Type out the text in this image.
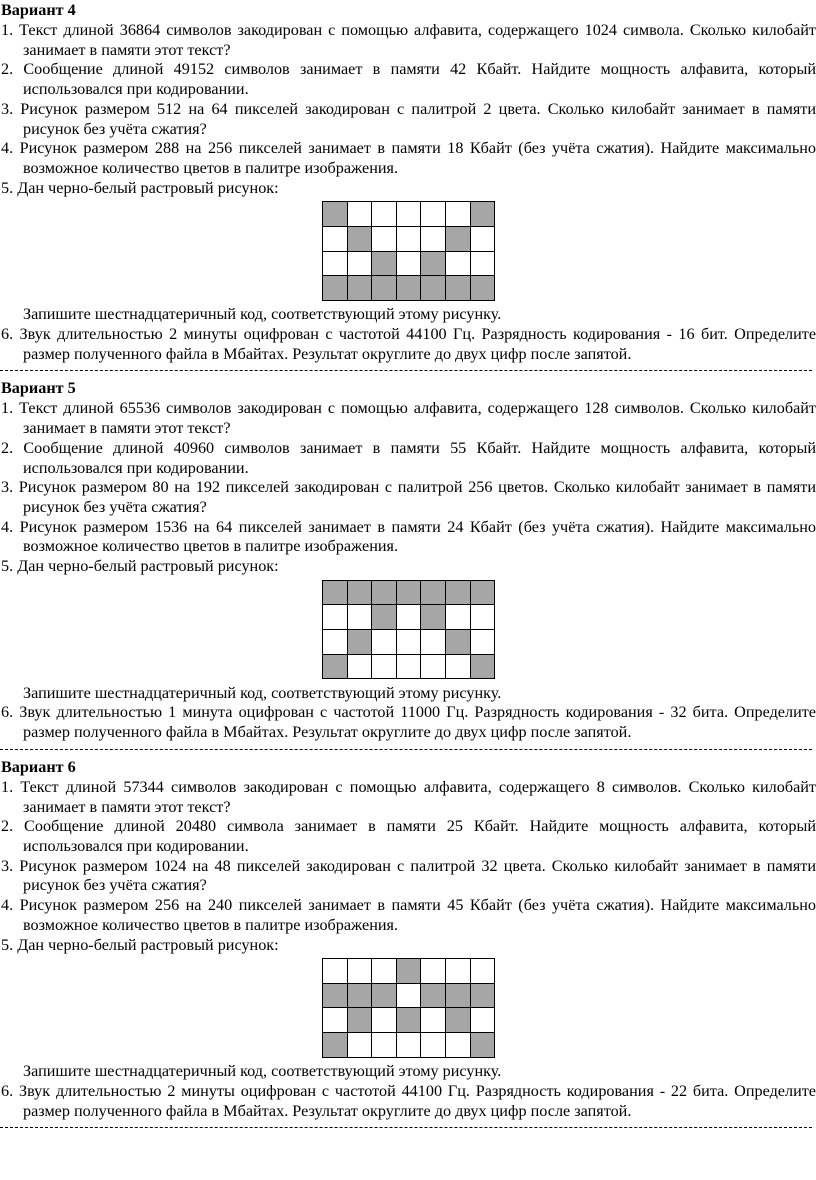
Вариант 4

1. Текст длиной 36864 символов закодирован с помощью алфавита, содержащего 1024 символа. Сколько килобайт занимает в памяти этот текст?

2. Сообщение длиной 49152 символов занимает в памяти 42 Кбайт. Найдите мощность алфавита, который использовался при кодировании.

3. Рисунок размером 512 на 64 пикселей закодирован с палитрой 2 цвета. Сколько килобайт занимает в памяти рисунок без учёта сжатия?

4. Рисунок размером 288 на 256 пикселей занимает в памяти 18 Кбайт (без учёта сжатия). Найдите максимально возможное количество цветов в палитре изображения.

5. Дан черно-белый растровый рисунок:

Запишите шестнадцатеричный код, соответствующий этому рисунку.

6. Звук длительностью 2 минуты оцифрован с частотой 44100 Гц. Разрядность кодирования - 16 бит. Определите размер полученного файла в Мбайтах. Результат округлите до двух цифр после запятой.

Вариант 5

1. Текст длиной 65536 символов закодирован с помощью алфавита, содержащего 128 символов. Сколько килобайт занимает в памяти этот текст?

2. Сообщение длиной 40960 символов занимает в памяти 55 Кбайт. Найдите мощность алфавита, который использовался при кодировании.

3. Рисунок размером 80 на 192 пикселей закодирован с палитрой 256 цветов. Сколько килобайт занимает в памяти рисунок без учёта сжатия?

4. Рисунок размером 1536 на 64 пикселей занимает в памяти 24 Кбайт (без учёта сжатия). Найдите максимально возможное количество цветов в палитре изображения.

5. Дан черно-белый растровый рисунок:

Запишите шестнадцатеричный код, соответствующий этому рисунку.

6. Звук длительностью 1 минута оцифрован с частотой 11000 Гц. Разрядность кодирования - 32 бита. Определите размер полученного файла в Мбайтах. Результат округлите до двух цифр после запятой.

Вариант 6

1. Текст длиной 57344 символов закодирован с помощью алфавита, содержащего 8 символов. Сколько килобайт занимает в памяти этот текст?

2. Сообщение длиной 20480 символа занимает в памяти 25 Кбайт. Найдите мощность алфавита, который использовался при кодировании.

3. Рисунок размером 1024 на 48 пикселей закодирован с палитрой 32 цвета. Сколько килобайт занимает в памяти рисунок без учёта сжатия?

4. Рисунок размером 256 на 240 пикселей занимает в памяти 45 Кбайт (без учёта сжатия). Найдите максимально возможное количество цветов в палитре изображения.

5. Дан черно-белый растровый рисунок:

Запишите шестнадцатеричный код, соответствующий этому рисунку.

6. Звук длительностью 2 минуты оцифрован с частотой 44100 Гц. Разрядность кодирования - 22 бита. Определите размер полученного файла в Мбайтах. Результат округлите до двух цифр после запятой.
